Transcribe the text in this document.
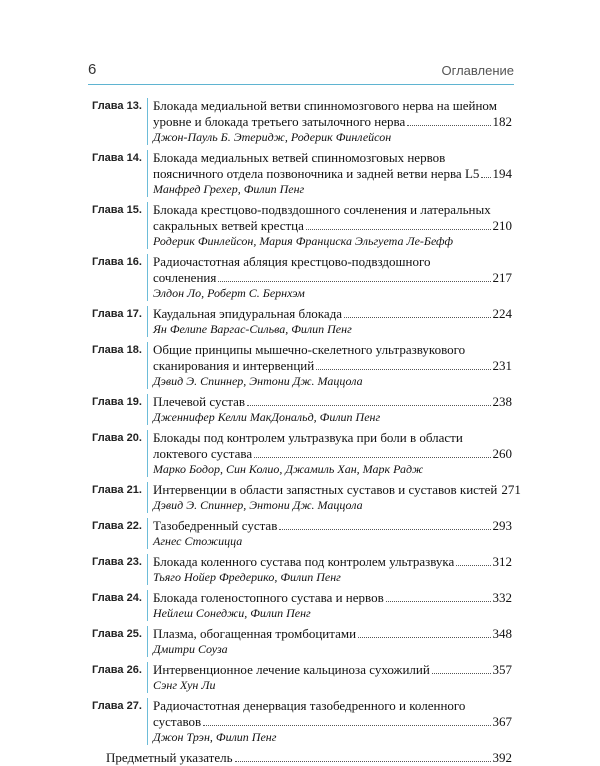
6	Оглавление
Глава 13. Блокада медиальной ветви спинномозгового нерва на шейном
уровне и блокада третьего затылочного нерва	182
Джон-Пауль Б. Этеридж, Родерик Финлейсон
Глава 14. Блокада медиальных ветвей спинномозговых нервов
поясничного отдела позвоночника и задней ветви нерва L5 194
Манфред Грехер, Филип Пенг
Глава 15. Блокада крестцово-подвздошного сочленения и латеральных
сакральных ветвей крестца	210
Родерик Финлейсон, Мария Франциска Эльгуета Ле-Бефф
Глава 16. Радиочастотная абляция крестцово-подвздошного
сочленения	217
Элдон Ло, Роберт С. Бернхэм
Глава 17. Каудальная эпидуральная блокада	224
Ян Фелипе Варгас-Сильва, Филип Пенг
Глава 18. Общие принципы мышечно-скелетного ультразвукового
сканирования и интервенций	231
Дэвид Э. Спиннер, Энтони Дж. Маццола
Глава 19. Плечевой сустав	238
Дженнифер Келли МакДональд, Филип Пенг
Глава 20. Блокады под контролем ультразвука при боли в области
локтевого сустава	260
Марко Бодор, Син Колио, Джамиль Хан, Марк Радж
Глава 21. Интервенции в области запястных суставов и суставов кистей 271
Дэвид Э. Спиннер, Энтони Дж. Маццола
Глава 22. Тазобедренный сустав	293
Агнес Стожицца
Глава 23. Блокада коленного сустава под контролем ультразвука	312
Тьяго Нойер Фредерико, Филип Пенг
Глава 24. Блокада голеностопного сустава и нервов	332
Нейлеш Сонеджи, Филип Пенг
Глава 25. Плазма, обогащенная тромбоцитами	348
Дмитри Соуза
Глава 26. Интервенционное лечение кальциноза сухожилий	357
Сэнг Хун Ли
Глава 27. Радиочастотная денервация тазобедренного и коленного
суставов	367
Джон Трэн, Филип Пенг
Предметный указатель	392
